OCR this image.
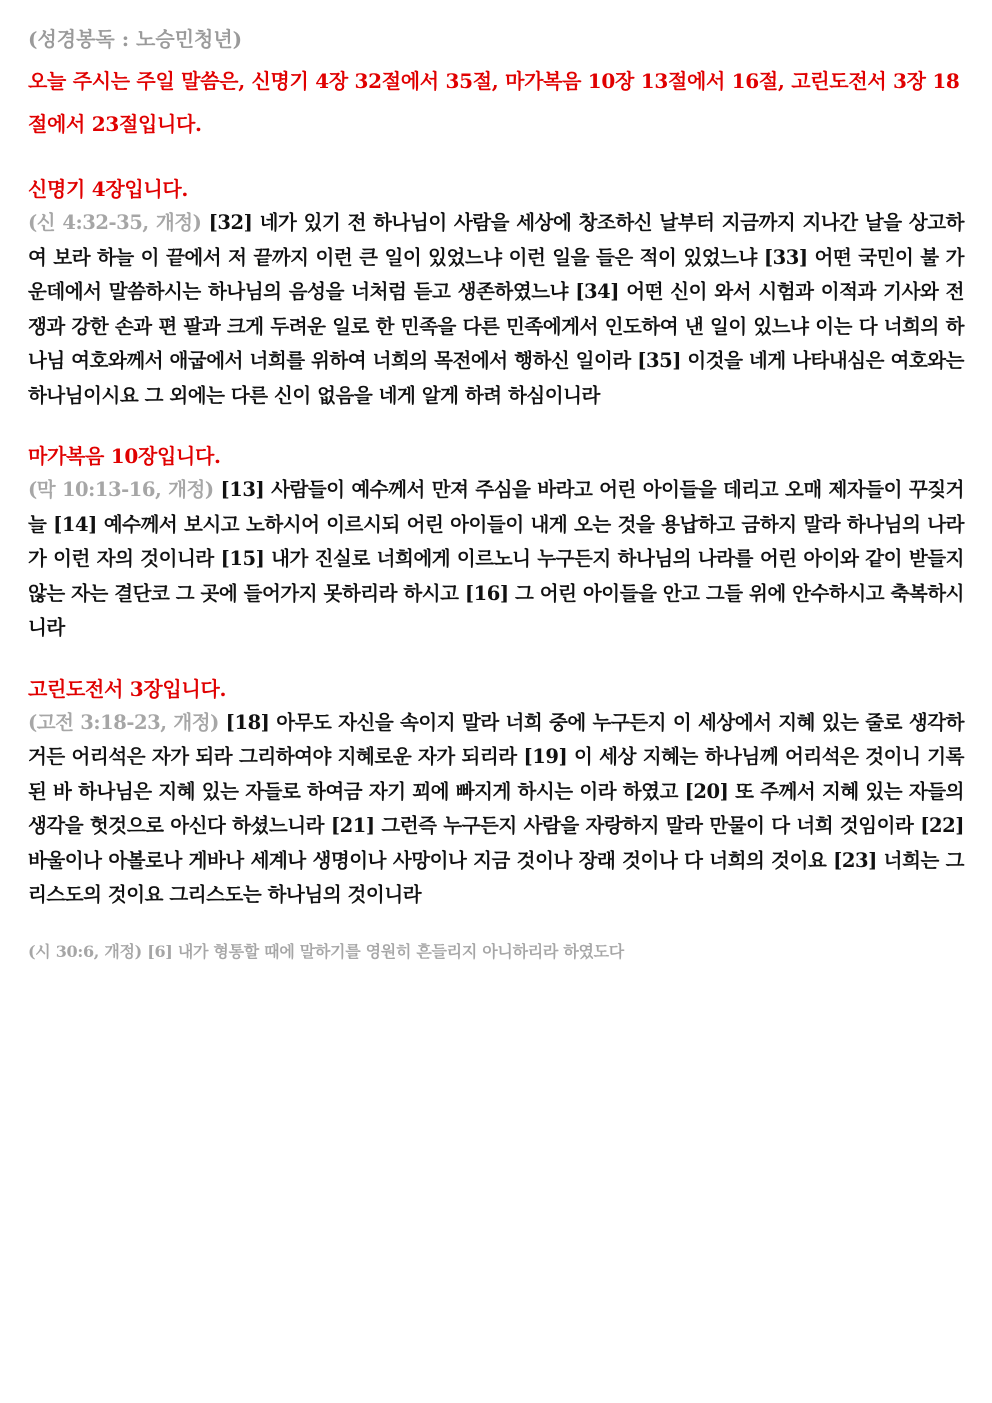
(성경봉독 : 노승민청년)

오늘 주시는 주일 말씀은, 신명기 4장 32절에서 35절, 마가복음 10장 13절에서 16절, 고린도전서 3장 18절에서 23절입니다.

신명기 4장입니다.

(신 4:32-35, 개정) [32] 네가 있기 전 하나님이 사람을 세상에 창조하신 날부터 지금까지 지나간 날을 상고하여 보라 하늘 이 끝에서 저 끝까지 이런 큰 일이 있었느냐 이런 일을 들은 적이 있었느냐 [33] 어떤 국민이 불 가운데에서 말씀하시는 하나님의 음성을 너처럼 듣고 생존하였느냐 [34] 어떤 신이 와서 시험과 이적과 기사와 전쟁과 강한 손과 편 팔과 크게 두려운 일로 한 민족을 다른 민족에게서 인도하여 낸 일이 있느냐 이는 다 너희의 하나님 여호와께서 애굽에서 너희를 위하여 너희의 목전에서 행하신 일이라 [35] 이것을 네게 나타내심은 여호와는 하나님이시요 그 외에는 다른 신이 없음을 네게 알게 하려 하심이니라

마가복음 10장입니다.

(막 10:13-16, 개정) [13] 사람들이 예수께서 만져 주심을 바라고 어린 아이들을 데리고 오매 제자들이 꾸짖거늘 [14] 예수께서 보시고 노하시어 이르시되 어린 아이들이 내게 오는 것을 용납하고 금하지 말라 하나님의 나라가 이런 자의 것이니라 [15] 내가 진실로 너희에게 이르노니 누구든지 하나님의 나라를 어린 아이와 같이 받들지 않는 자는 결단코 그 곳에 들어가지 못하리라 하시고 [16] 그 어린 아이들을 안고 그들 위에 안수하시고 축복하시니라

고린도전서 3장입니다.

(고전 3:18-23, 개정) [18] 아무도 자신을 속이지 말라 너희 중에 누구든지 이 세상에서 지혜 있는 줄로 생각하거든 어리석은 자가 되라 그리하여야 지혜로운 자가 되리라 [19] 이 세상 지혜는 하나님께 어리석은 것이니 기록된 바 하나님은 지혜 있는 자들로 하여금 자기 꾀에 빠지게 하시는 이라 하였고 [20] 또 주께서 지혜 있는 자들의 생각을 헛것으로 아신다 하셨느니라 [21] 그런즉 누구든지 사람을 자랑하지 말라 만물이 다 너희 것임이라 [22] 바울이나 아볼로나 게바나 세계나 생명이나 사망이나 지금 것이나 장래 것이나 다 너희의 것이요 [23] 너희는 그리스도의 것이요 그리스도는 하나님의 것이니라

(시 30:6, 개정) [6] 내가 형통할 때에 말하기를 영원히 흔들리지 아니하리라 하였도다
